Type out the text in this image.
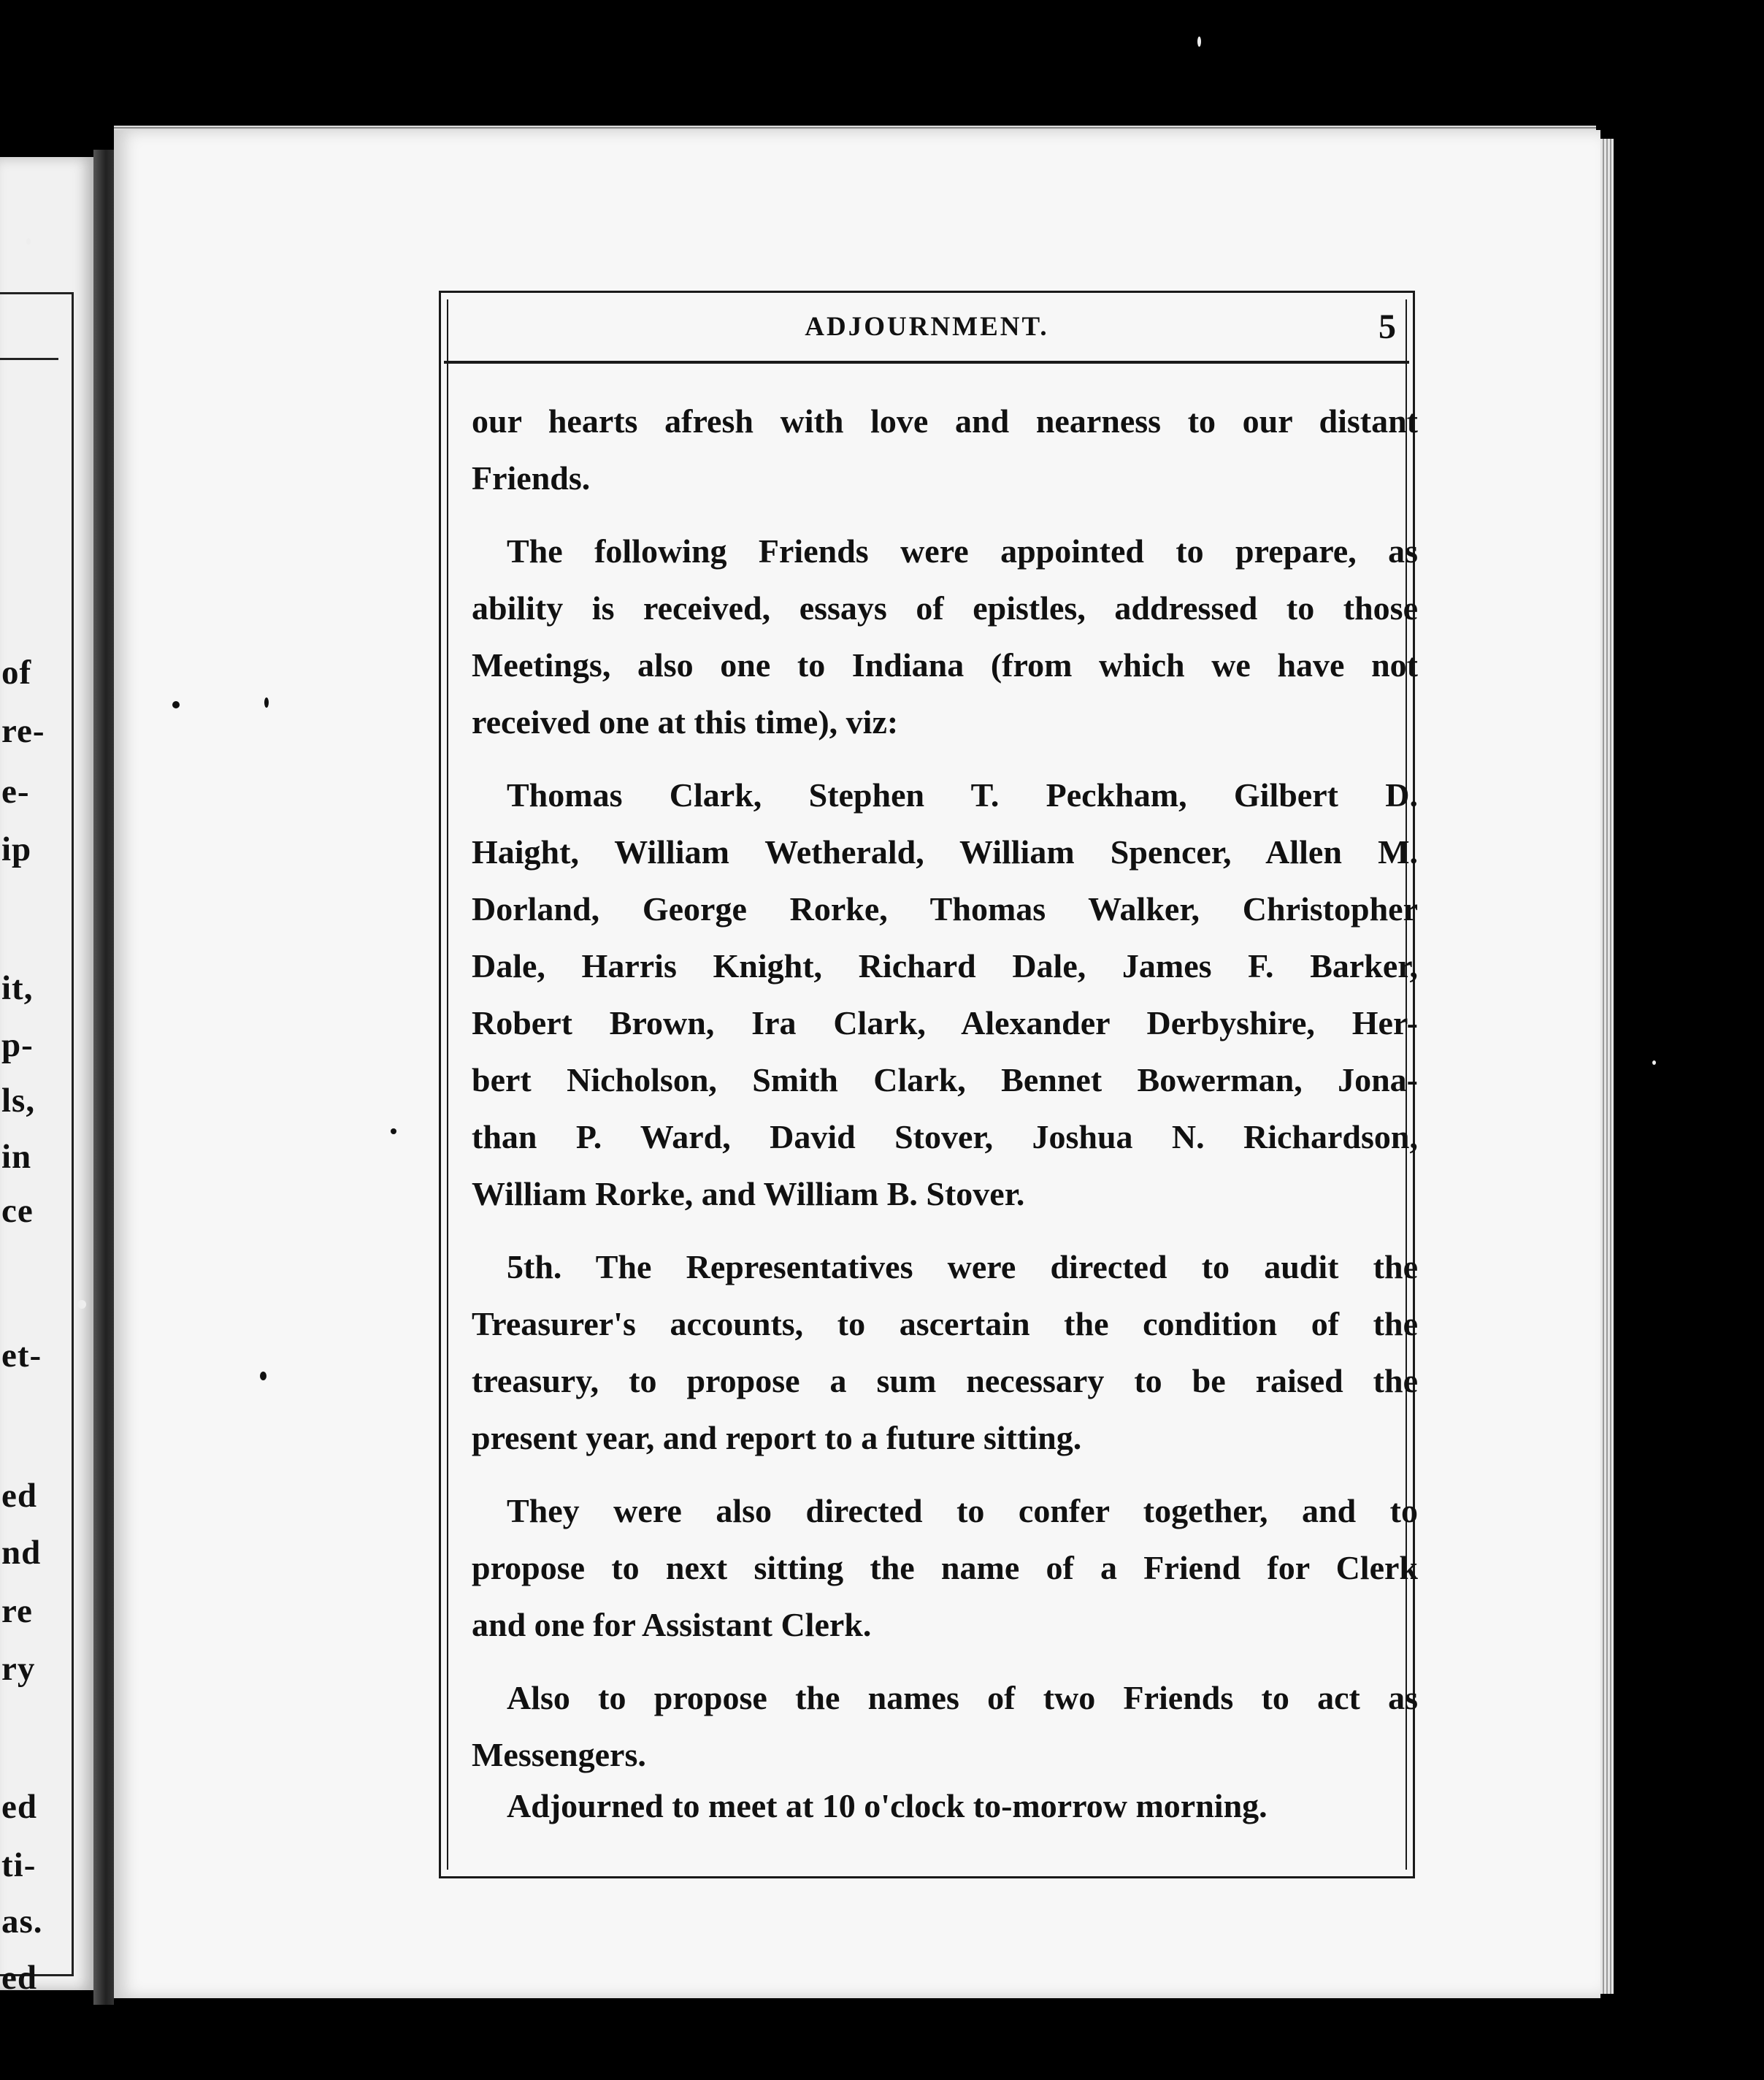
of
re-
e-
ip
it,
p-
ls,
in
ce
et-
ed
nd
re
ry
ed
ti-
as.
ed
ADJOURNMENT.	5
our hearts afresh with love and nearness to our distant
Friends.
The following Friends were appointed to prepare, as
ability is received, essays of epistles, addressed to those
Meetings, also one to Indiana (from which we have not
received one at this time), viz:
Thomas Clark, Stephen T. Peckham, Gilbert D.
Haight, William Wetherald, William Spencer, Allen M.
Dorland, George Rorke, Thomas Walker, Christopher
Dale, Harris Knight, Richard Dale, James F. Barker,
Robert Brown, Ira Clark, Alexander Derbyshire, Her-
bert Nicholson, Smith Clark, Bennet Bowerman, Jona-
than P. Ward, David Stover, Joshua N. Richardson,
William Rorke, and William B. Stover.
5th. The Representatives were directed to audit the
Treasurer's accounts, to ascertain the condition of the
treasury, to propose a sum necessary to be raised the
present year, and report to a future sitting.
They were also directed to confer together, and to
propose to next sitting the name of a Friend for Clerk
and one for Assistant Clerk.
Also to propose the names of two Friends to act as
Messengers.
Adjourned to meet at 10 o'clock to-morrow morning.
